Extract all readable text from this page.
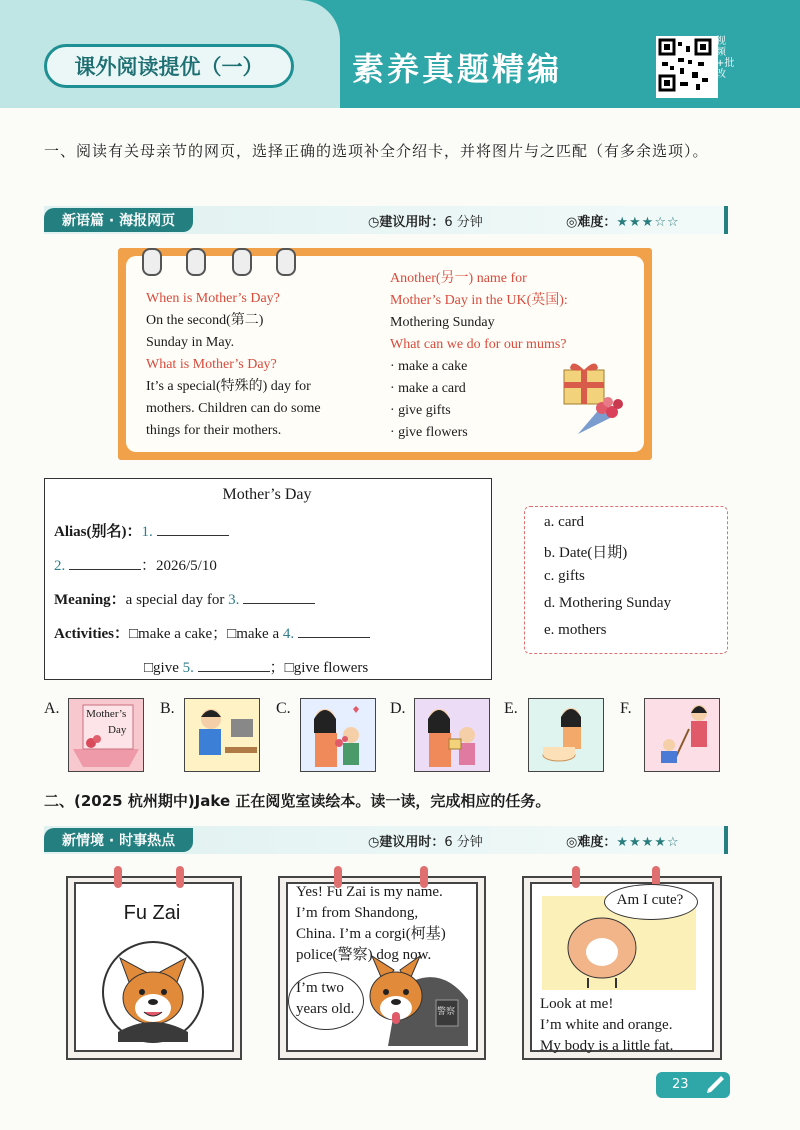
课外阅读提优（一）	素养真题精编
视频+批改
一、阅读有关母亲节的网页，选择正确的选项补全介绍卡，并将图片与之匹配（有多余选项）。
新语篇 · 海报网页	◷建议用时：6 分钟	◎难度：★★★☆☆
When is Mother’s Day?
On the second(第二)
Sunday in May.
What is Mother’s Day?
It’s a special(特殊的) day for
mothers. Children can do some
things for their mothers.
Another(另一) name for
Mother’s Day in the UK(英国):
Mothering Sunday
What can we do for our mums?
· make a cake
· make a card
· give gifts
· give flowers
Mother’s Day
Alias(别名)：1.
2.	：2026/5/10
Meaning：a special day for 3.
Activities：□make a cake；□make a 4.
□give 5.	；□give flowers
a. card
b. Date(日期)
c. gifts
d. Mothering Sunday
e. mothers
A. Mother’s
Day
B.	C.	D.	E.	F.
二、(2025 杭州期中)Jake 正在阅览室读绘本。读一读，完成相应的任务。
新情境 · 时事热点	◷建议用时：6 分钟	◎难度：★★★★☆
Fu Zai
Yes! Fu Zai is my name.
I’m from Shandong,
China. I’m a corgi(柯基)
police(警察) dog now.
I’m two
years old.	警察
Am I cute?
Look at me!
I’m white and orange.
My body is a little fat.
23
